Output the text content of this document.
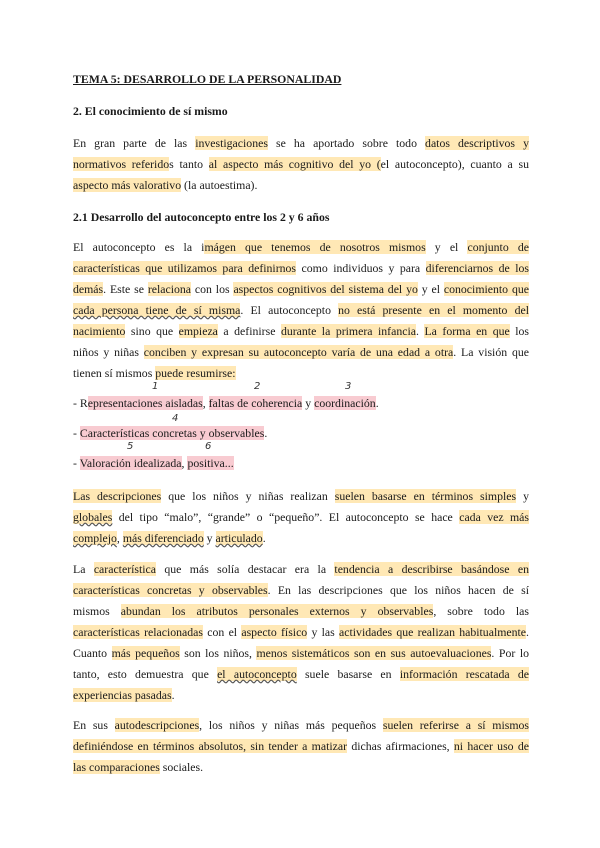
TEMA 5: DESARROLLO DE LA PERSONALIDAD
2. El conocimiento de sí mismo
En gran parte de las investigaciones se ha aportado sobre todo datos descriptivos y
normativos referidos tanto al aspecto más cognitivo del yo (el autoconcepto), cuanto a su
aspecto más valorativo (la autoestima).
2.1 Desarrollo del autoconcepto entre los 2 y 6 años
El autoconcepto es la imágen que tenemos de nosotros mismos y el conjunto de
características que utilizamos para definirnos como individuos y para diferenciarnos de los
demás. Este se relaciona con los aspectos cognitivos del sistema del yo y el conocimiento que
cada persona tiene de sí misma. El autoconcepto no está presente en el momento del
nacimiento sino que empieza a definirse durante la primera infancia. La forma en que los
niños y niñas conciben y expresan su autoconcepto varía de una edad a otra. La visión que
tienen sí mismos puede resumirse:
1	2	3
4
5	6
- Representaciones aisladas, faltas de coherencia y coordinación.
- Características concretas y observables.
- Valoración idealizada, positiva...
Las descripciones que los niños y niñas realizan suelen basarse en términos simples y
globales del tipo “malo”, “grande” o “pequeño”. El autoconcepto se hace cada vez más
complejo, más diferenciado y articulado.
La característica que más solía destacar era la tendencia a describirse basándose en
características concretas y observables. En las descripciones que los niños hacen de sí
mismos abundan los atributos personales externos y observables, sobre todo las
características relacionadas con el aspecto físico y las actividades que realizan habitualmente.
Cuanto más pequeños son los niños, menos sistemáticos son en sus autoevaluaciones. Por lo
tanto, esto demuestra que el autoconcepto suele basarse en información rescatada de
experiencias pasadas.
En sus autodescripciones, los niños y niñas más pequeños suelen referirse a sí mismos
definiéndose en términos absolutos, sin tender a matizar dichas afirmaciones, ni hacer uso de
las comparaciones sociales.
